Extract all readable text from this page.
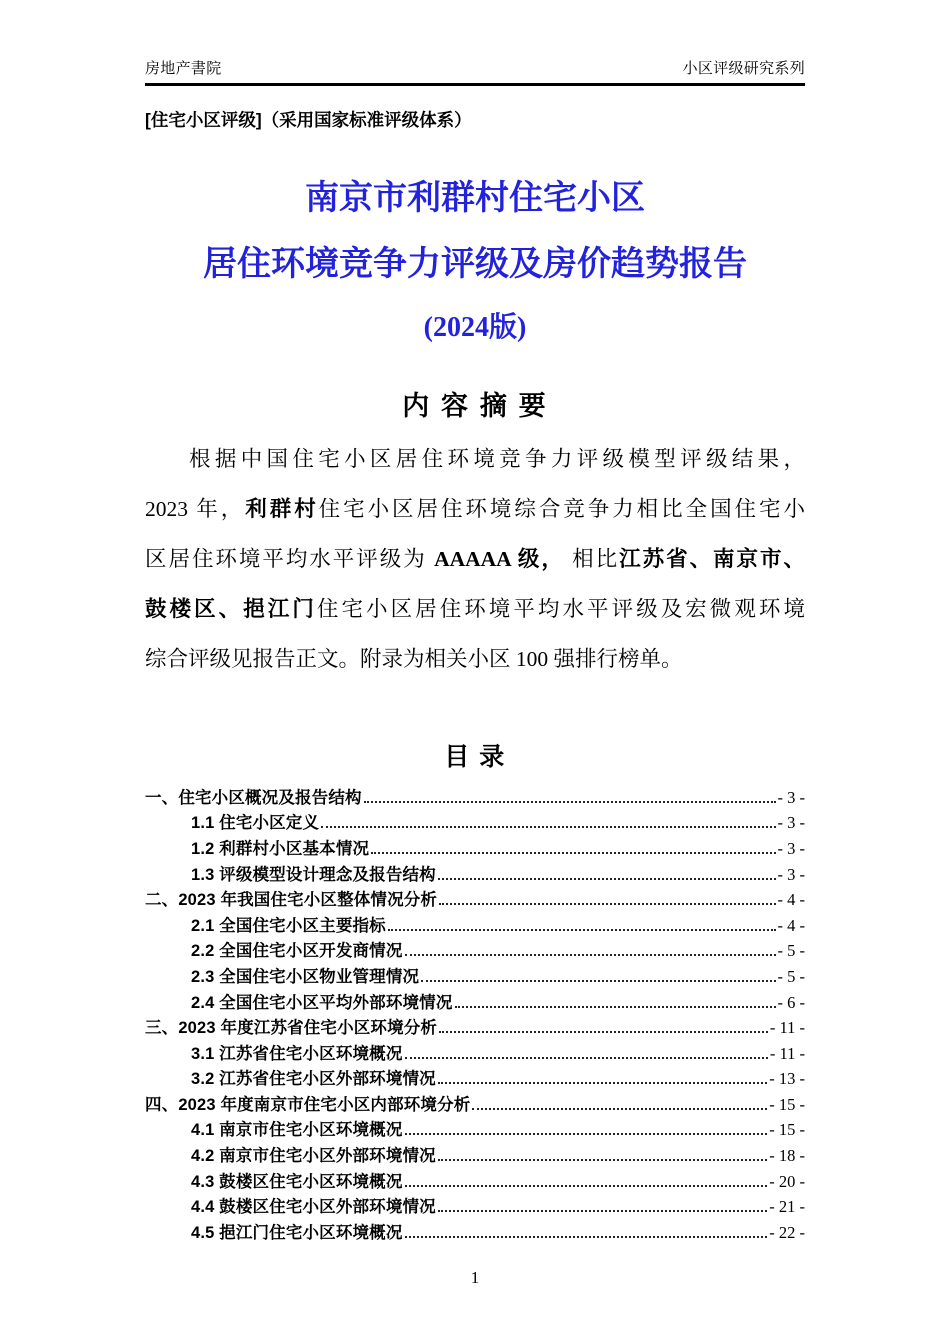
房地产書院	小区评级研究系列
[住宅小区评级]（采用国家标准评级体系）
南京市利群村住宅小区
居住环境竞争力评级及房价趋势报告
(2024版)
内 容 摘 要
根据中国住宅小区居住环境竞争力评级模型评级结果，
2023 年，利群村住宅小区居住环境综合竞争力相比全国住宅小
区居住环境平均水平评级为 AAAAA 级， 相比江苏省、南京市、
鼓楼区、挹江门住宅小区居住环境平均水平评级及宏微观环境
综合评级见报告正文。附录为相关小区 100 强排行榜单。
目 录
一、住宅小区概况及报告结构	- 3 -
1.1 住宅小区定义	- 3 -
1.2 利群村小区基本情况	- 3 -
1.3 评级模型设计理念及报告结构	- 3 -
二、2023 年我国住宅小区整体情况分析	- 4 -
2.1 全国住宅小区主要指标	- 4 -
2.2 全国住宅小区开发商情况	- 5 -
2.3 全国住宅小区物业管理情况	- 5 -
2.4 全国住宅小区平均外部环境情况	- 6 -
三、2023 年度江苏省住宅小区环境分析	- 11 -
3.1 江苏省住宅小区环境概况	- 11 -
3.2 江苏省住宅小区外部环境情况	- 13 -
四、2023 年度南京市住宅小区内部环境分析	- 15 -
4.1 南京市住宅小区环境概况	- 15 -
4.2 南京市住宅小区外部环境情况	- 18 -
4.3 鼓楼区住宅小区环境概况	- 20 -
4.4 鼓楼区住宅小区外部环境情况	- 21 -
4.5 挹江门住宅小区环境概况	- 22 -
1
